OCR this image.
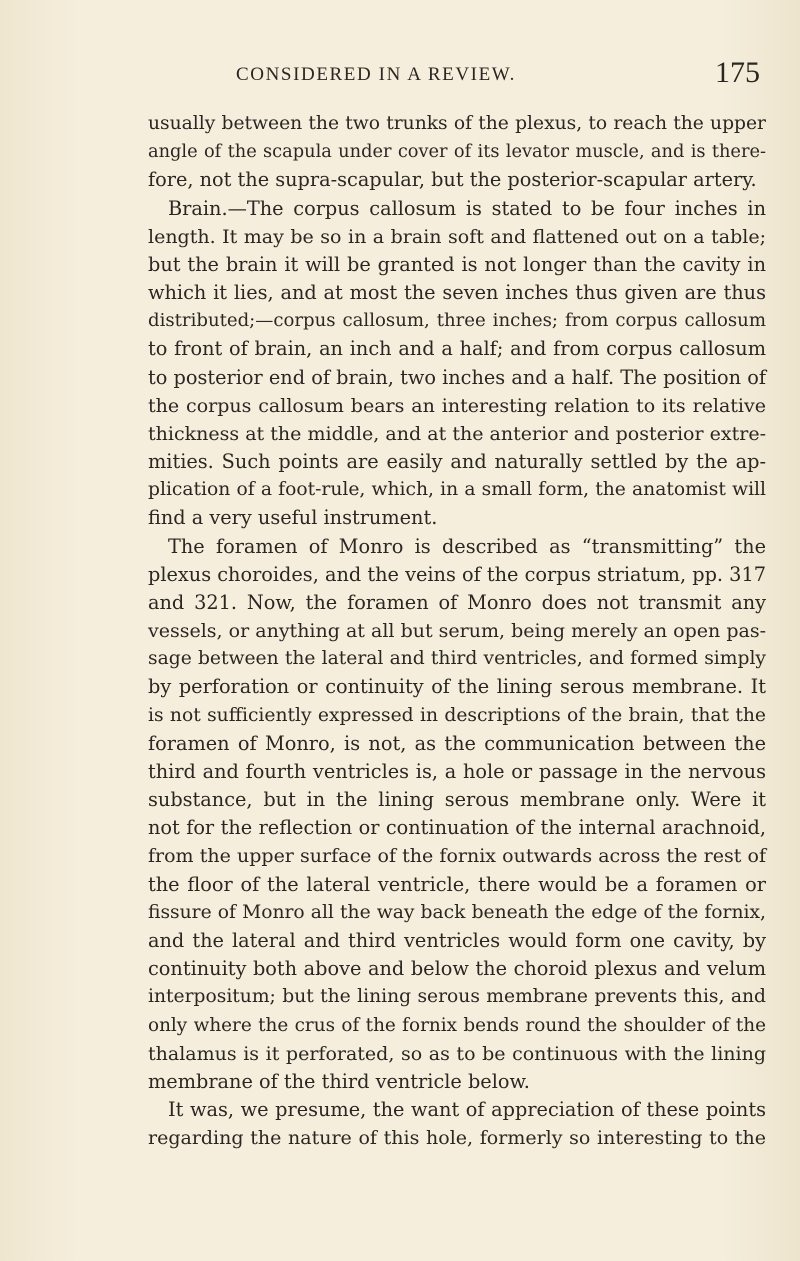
CONSIDERED IN A REVIEW.	175
usually between the two trunks of the plexus, to reach the upper
angle of the scapula under cover of its levator muscle, and is there-
fore, not the supra-scapular, but the posterior-scapular artery.
Brain.—The corpus callosum is stated to be four inches in
length. It may be so in a brain soft and flattened out on a table;
but the brain it will be granted is not longer than the cavity in
which it lies, and at most the seven inches thus given are thus
distributed;—corpus callosum, three inches; from corpus callosum
to front of brain, an inch and a half; and from corpus callosum
to posterior end of brain, two inches and a half. The position of
the corpus callosum bears an interesting relation to its relative
thickness at the middle, and at the anterior and posterior extre-
mities. Such points are easily and naturally settled by the ap-
plication of a foot-rule, which, in a small form, the anatomist will
find a very useful instrument.
The foramen of Monro is described as “transmitting” the
plexus choroides, and the veins of the corpus striatum, pp. 317
and 321. Now, the foramen of Monro does not transmit any
vessels, or anything at all but serum, being merely an open pas-
sage between the lateral and third ventricles, and formed simply
by perforation or continuity of the lining serous membrane. It
is not sufficiently expressed in descriptions of the brain, that the
foramen of Monro, is not, as the communication between the
third and fourth ventricles is, a hole or passage in the nervous
substance, but in the lining serous membrane only. Were it
not for the reflection or continuation of the internal arachnoid,
from the upper surface of the fornix outwards across the rest of
the floor of the lateral ventricle, there would be a foramen or
fissure of Monro all the way back beneath the edge of the fornix,
and the lateral and third ventricles would form one cavity, by
continuity both above and below the choroid plexus and velum
interpositum; but the lining serous membrane prevents this, and
only where the crus of the fornix bends round the shoulder of the
thalamus is it perforated, so as to be continuous with the lining
membrane of the third ventricle below.
It was, we presume, the want of appreciation of these points
regarding the nature of this hole, formerly so interesting to the
